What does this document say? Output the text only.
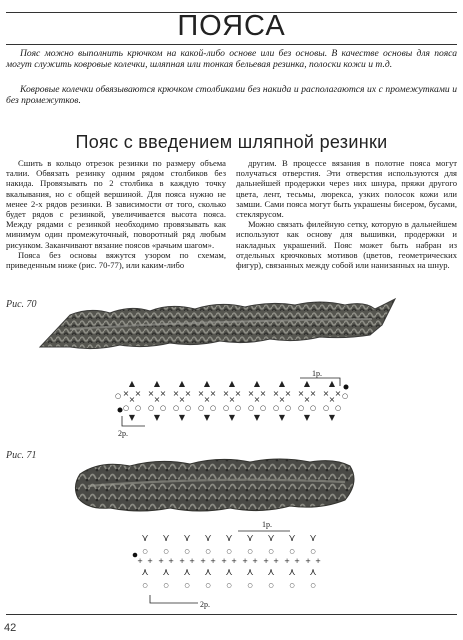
ПОЯСА

Пояс можно выполнить крючком на какой-либо основе или без основы. В качестве основы для пояса могут служить ковровые колечки, шляпная или тонкая бельевая резинка, полоски кожи и т.д.

Ковровые колечки обвязываются крючком столбиками без накида и располагаются их с промежутками и без промежутков.

Пояс с введением шляпной резинки

Сшить в кольцо отрезок резинки по размеру объема талии. Обвязать резинку одним рядом столбиков без накида. Провязывать по 2 столбика в каждую точку вкалывания, но с общей вершиной. Для пояса нужно не менее 2-х рядов резинки. В зависимости от того, сколько будет рядов с резинкой, увеличивается высота пояса. Между рядами с резинкой необходимо провязывать как минимум один промежуточный, поворотный ряд любым рисунком. Заканчивают вязание поясов «рачьим шагом».

Пояса без основы вяжутся узором по схемам, приведенным ниже (рис. 70-77), или каким-либо

другим. В процессе вязания в полотне пояса могут получаться отверстия. Эти отверстия используются для дальнейшей продержки через них шнура, пряжи другого цвета, лент, тесьмы, люрекса, узких полосок кожи или замши. Сами пояса могут быть украшены бисером, бусами, стеклярусом.

Можно связать филейную сетку, которую в дальнейшем используют как основу для вышивки, продержки и накладных украшений. Пояс может быть набран из отдельных крючковых мотивов (цветов, геометрических фигур), связанных между собой или нанизанных на шнур.

Рис. 70
▲
× ×
×
○ ○
▼
▲
× ×
×
○ ○
▼
▲
× ×
×
○ ○
▼
▲
× ×
×
○ ○
▼
▲
× ×
×
○ ○
▼
▲
× ×
×
○ ○
▼
▲
× ×
×
○ ○
▼
▲
× ×
×
○ ○
▼
▲
× ×
×
○ ○
▼
○	○
1р.
2р.
Рис. 71
⋎
○
+ +
⋏
○
⋎
○
+ +
⋏
○
⋎
○
+ +
⋏
○
⋎
○
+ +
⋏
○
⋎
○
+ +
⋏
○
⋎
○
+ +
⋏
○
⋎
○
+ +
⋏
○
⋎
○
+ +
⋏
○
⋎
○
+ +
⋏
○
1р.
2р.
42
